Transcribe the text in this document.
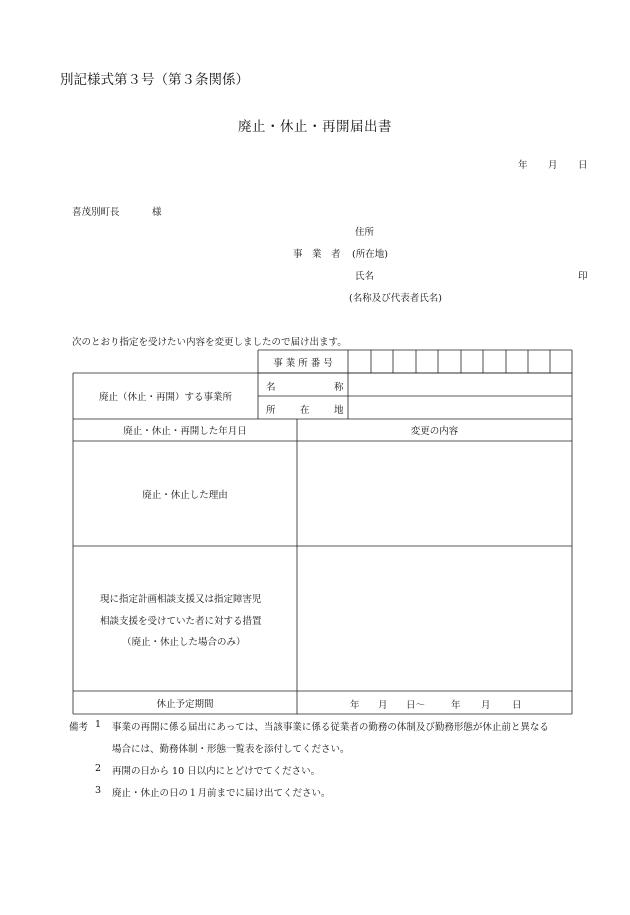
別記様式第３号（第３条関係）
廃止・休止・再開届出書
年 月 日
喜茂別町長	様
住所
事　業　者 (所在地)
氏名	印
(名称及び代表者氏名)
次のとおり指定を受けたい内容を変更しましたので届け出ます。
事 業 所 番 号
廃止（休止・再開）する事業所
名	称
所	在	地
廃止・休止・再開した年月日	変更の内容
廃止・休止した理由
現に指定計画相談支援又は指定障害児
相談支援を受けていた者に対する措置
（廃止・休止した場合のみ）
休止予定期間	年 月 日～	年 月 日
備考 1 事業の再開に係る届出にあっては、当該事業に係る従業者の勤務の体制及び勤務形態が休止前と異なる
場合には、勤務体制・形態一覧表を添付してください。
2 再開の日から 10 日以内にとどけでてください。
3 廃止・休止の日の１月前までに届け出てください。
